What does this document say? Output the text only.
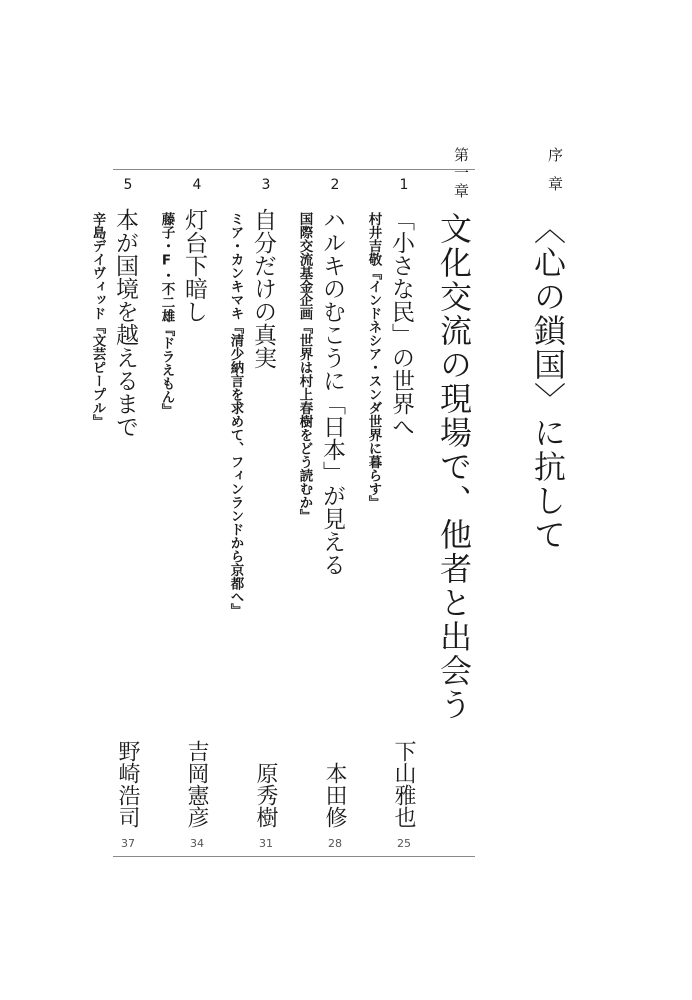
序章
〈心の鎖国〉に抗して
第一章
文化交流の現場で、他者と出会う
1
「小さな民」の世界へ
村井吉敬『インドネシア・スンダ世界に暮らす』
下山雅也
25
2
ハルキのむこうに「日本」が見える
国際交流基金企画『世界は村上春樹をどう読むか』
本田修
28
3
自分だけの真実
ミア・カンキマキ『清少納言を求めて、フィンランドから京都へ』
原秀樹
31
4
灯台下暗し
藤子・F・不二雄『ドラえもん』
吉岡憲彦
34
5
本が国境を越えるまで
辛島デイヴィッド『文芸ピープル』
野崎浩司
37
